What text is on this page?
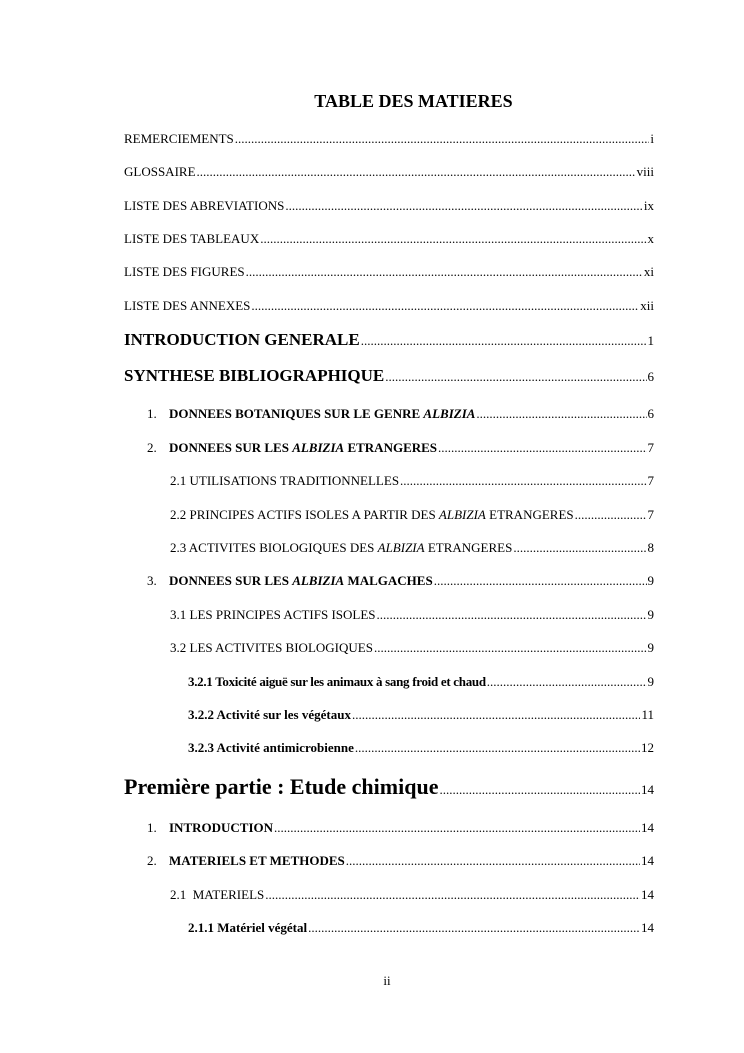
TABLE DES MATIERES
REMERCIEMENTS .....	i
GLOSSAIRE .....	viii
LISTE DES ABREVIATIONS .....	ix
LISTE DES TABLEAUX .....	x
LISTE DES FIGURES .....	xi
LISTE DES ANNEXES .....	xii
INTRODUCTION GENERALE .....	1
SYNTHESE BIBLIOGRAPHIQUE .....	6
1. DONNEES BOTANIQUES SUR LE GENRE ALBIZIA .....	6
2. DONNEES SUR LES ALBIZIA ETRANGERES .....	7
2.1 UTILISATIONS TRADITIONNELLES .....	7
2.2 PRINCIPES ACTIFS ISOLES A PARTIR DES ALBIZIA ETRANGERES .....	7
2.3 ACTIVITES BIOLOGIQUES DES ALBIZIA ETRANGERES .....	8
3. DONNEES SUR LES ALBIZIA MALGACHES .....	9
3.1 LES PRINCIPES ACTIFS ISOLES .....	9
3.2 LES ACTIVITES BIOLOGIQUES .....	9
3.2.1 Toxicité aiguë sur les animaux à sang froid et chaud .....	9
3.2.2 Activité sur les végétaux .....	11
3.2.3 Activité antimicrobienne .....	12
Première partie : Etude chimique .....	14
1. INTRODUCTION .....	14
2. MATERIELS ET METHODES .....	14
2.1  MATERIELS .....	14
2.1.1 Matériel végétal .....	14
ii
